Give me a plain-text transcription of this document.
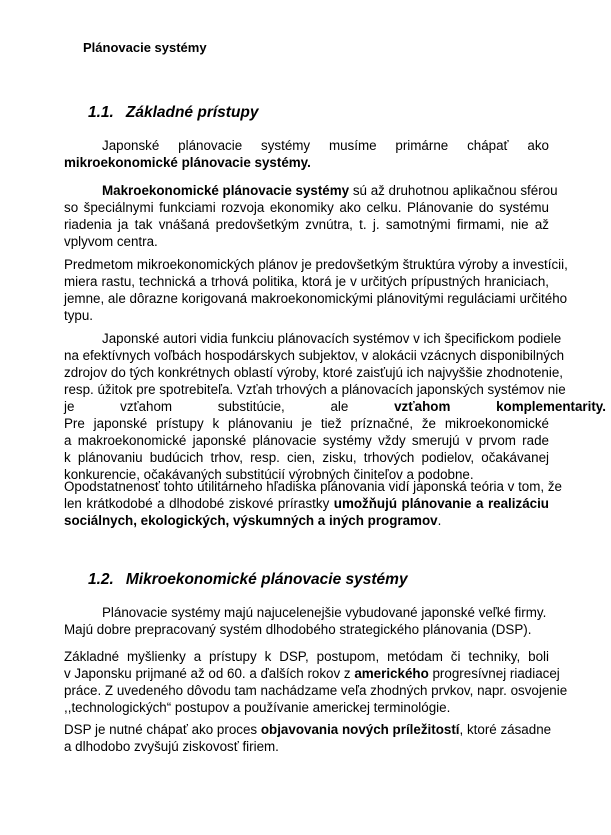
Plánovacie systémy
1.1. Základné prístupy
Japonské plánovacie systémy musíme primárne chápať ako
mikroekonomické plánovacie systémy.
Makroekonomické plánovacie systémy sú až druhotnou aplikačnou sférou
so špeciálnymi funkciami rozvoja ekonomiky ako celku. Plánovanie do systému
riadenia ja tak vnášaná predovšetkým zvnútra, t. j. samotnými firmami, nie až
vplyvom centra.
Predmetom mikroekonomických plánov je predovšetkým štruktúra výroby a investícii,
miera rastu, technická a trhová politika, ktorá je v určitých prípustných hraniciach,
jemne, ale dôrazne korigovaná makroekonomickými plánovitými reguláciami určitého
typu.
Japonské autori vidia funkciu plánovacích systémov v ich špecifickom podiele
na efektívnych voľbách hospodárskych subjektov, v alokácii vzácnych disponibilných
zdrojov do tých konkrétnych oblastí výroby, ktoré zaisťujú ich najvyššie zhodnotenie,
resp. úžitok pre spotrebiteľa. Vzťah trhových a plánovacích japonských systémov nie
je vzťahom substitúcie, ale	vzťahom komplementarity.
Pre japonské prístupy k plánovaniu je tiež príznačné, že mikroekonomické
a makroekonomické japonské plánovacie systémy vždy smerujú v prvom rade
k plánovaniu budúcich trhov, resp. cien, zisku, trhových podielov, očakávanej
konkurencie, očakávaných substitúcií výrobných činiteľov a podobne.
Opodstatnenosť tohto utilitárneho hľadiska plánovania vidí japonská teória v tom, že
len krátkodobé a dlhodobé ziskové prírastky umožňujú plánovanie a realizáciu
sociálnych, ekologických, výskumných a iných programov.
1.2. Mikroekonomické plánovacie systémy
Plánovacie systémy majú najucelenejšie vybudované japonské veľké firmy.
Majú dobre prepracovaný systém dlhodobého strategického plánovania (DSP).
Základné myšlienky a prístupy k DSP, postupom, metódam či techniky, boli
v Japonsku prijmané až od 60. a ďalších rokov z amerického progresívnej riadiacej
práce. Z uvedeného dôvodu tam nachádzame veľa zhodných prvkov, napr. osvojenie
,,technologických“ postupov a používanie americkej terminológie.
DSP je nutné chápať ako proces objavovania nových príležitostí, ktoré zásadne
a dlhodobo zvyšujú ziskovosť firiem.
